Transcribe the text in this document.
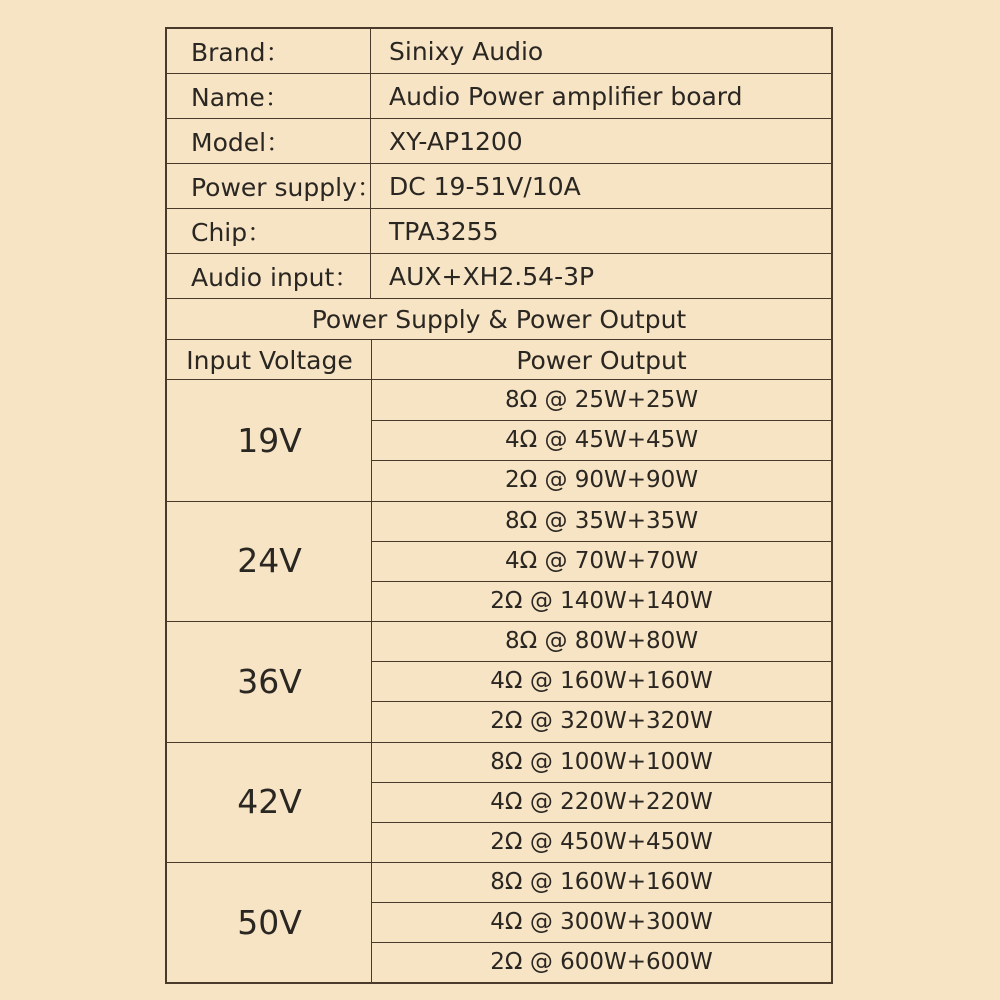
Brand：	Sinixy Audio
Name：	Audio Power amplifier board
Model：	XY-AP1200
Power supply： DC 19-51V/10A
Chip：	TPA3255
Audio input： AUX+XH2.54-3P
Power Supply & Power Output
Input Voltage	Power Output
19V
8Ω @ 25W+25W
4Ω @ 45W+45W
2Ω @ 90W+90W
24V
8Ω @ 35W+35W
4Ω @ 70W+70W
2Ω @ 140W+140W
36V
8Ω @ 80W+80W
4Ω @ 160W+160W
2Ω @ 320W+320W
42V
8Ω @ 100W+100W
4Ω @ 220W+220W
2Ω @ 450W+450W
50V
8Ω @ 160W+160W
4Ω @ 300W+300W
2Ω @ 600W+600W
